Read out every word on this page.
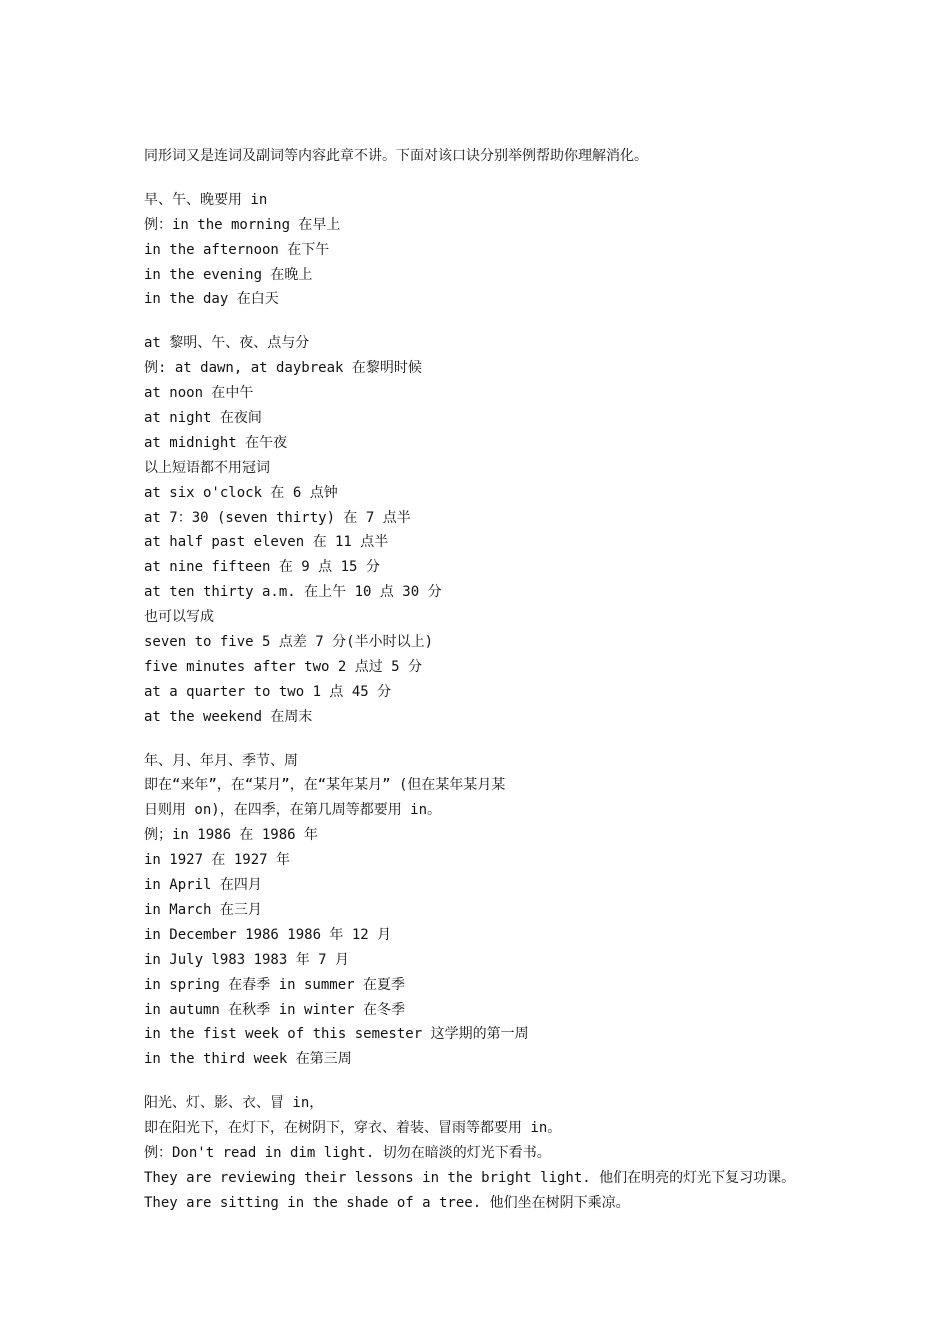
同形词又是连词及副词等内容此章不讲。下面对该口诀分别举例帮助你理解消化。
早、午、晚要用 in
例：in the morning 在早上
in the afternoon 在下午
in the evening 在晚上
in the day 在白天
at 黎明、午、夜、点与分
例: at dawn, at daybreak 在黎明时候
at noon 在中午
at night 在夜间
at midnight 在午夜
以上短语都不用冠词
at six o'clock 在 6 点钟
at 7：30 (seven thirty) 在 7 点半
at half past eleven 在 11 点半
at nine fifteen 在 9 点 15 分
at ten thirty a.m. 在上午 10 点 30 分
也可以写成
seven to five 5 点差 7 分(半小时以上)
five minutes after two 2 点过 5 分
at a quarter to two 1 点 45 分
at the weekend 在周末
年、月、年月、季节、周
即在“来年”，在“某月”，在“某年某月” (但在某年某月某
日则用 on)，在四季，在第几周等都要用 in。
例；in 1986 在 1986 年
in 1927 在 1927 年
in April 在四月
in March 在三月
in December 1986 1986 年 12 月
in July l983 1983 年 7 月
in spring 在春季 in summer 在夏季
in autumn 在秋季 in winter 在冬季
in the fist week of this semester 这学期的第一周
in the third week 在第三周
阳光、灯、影、衣、冒 in，
即在阳光下，在灯下，在树阴下，穿衣、着装、冒雨等都要用 in。
例：Don't read in dim light. 切勿在暗淡的灯光下看书。
They are reviewing their lessons in the bright light. 他们在明亮的灯光下复习功课。
They are sitting in the shade of a tree. 他们坐在树阴下乘凉。
